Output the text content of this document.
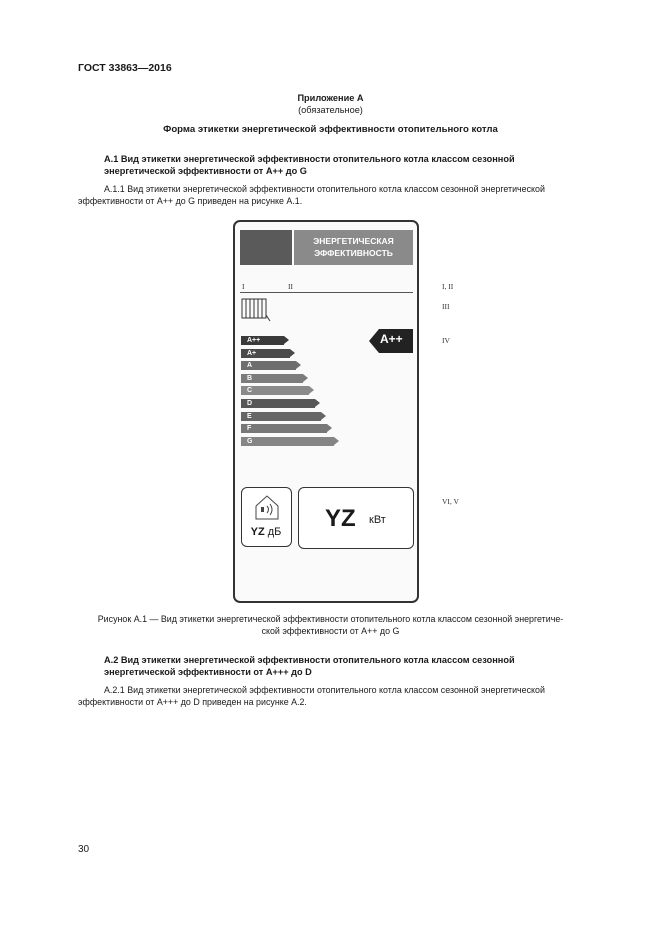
ГОСТ 33863—2016
Приложение А
(обязательное)
Форма этикетки энергетической эффективности отопительного котла
А.1 Вид этикетки энергетической эффективности отопительного котла классом сезонной
энергетической эффективности от A++ до G
А.1.1 Вид этикетки энергетической эффективности отопительного котла классом сезонной энергетической
эффективности от A++ до G приведен на рисунке А.1.
ЭНЕРГЕТИЧЕСКАЯ
ЭФФЕКТИВНОСТЬ
I	II
A++
A+
A
B
C
D
E
F
G
A++
YZ дБ	YZ кВт
I, II
III
IV
VI, V
Рисунок А.1 — Вид этикетки энергетической эффективности отопительного котла классом сезонной энергетиче-
ской эффективности от A++ до G
А.2 Вид этикетки энергетической эффективности отопительного котла классом сезонной
энергетической эффективности от A+++ до D
А.2.1 Вид этикетки энергетической эффективности отопительного котла классом сезонной энергетической
эффективности от A+++ до D приведен на рисунке А.2.
30
